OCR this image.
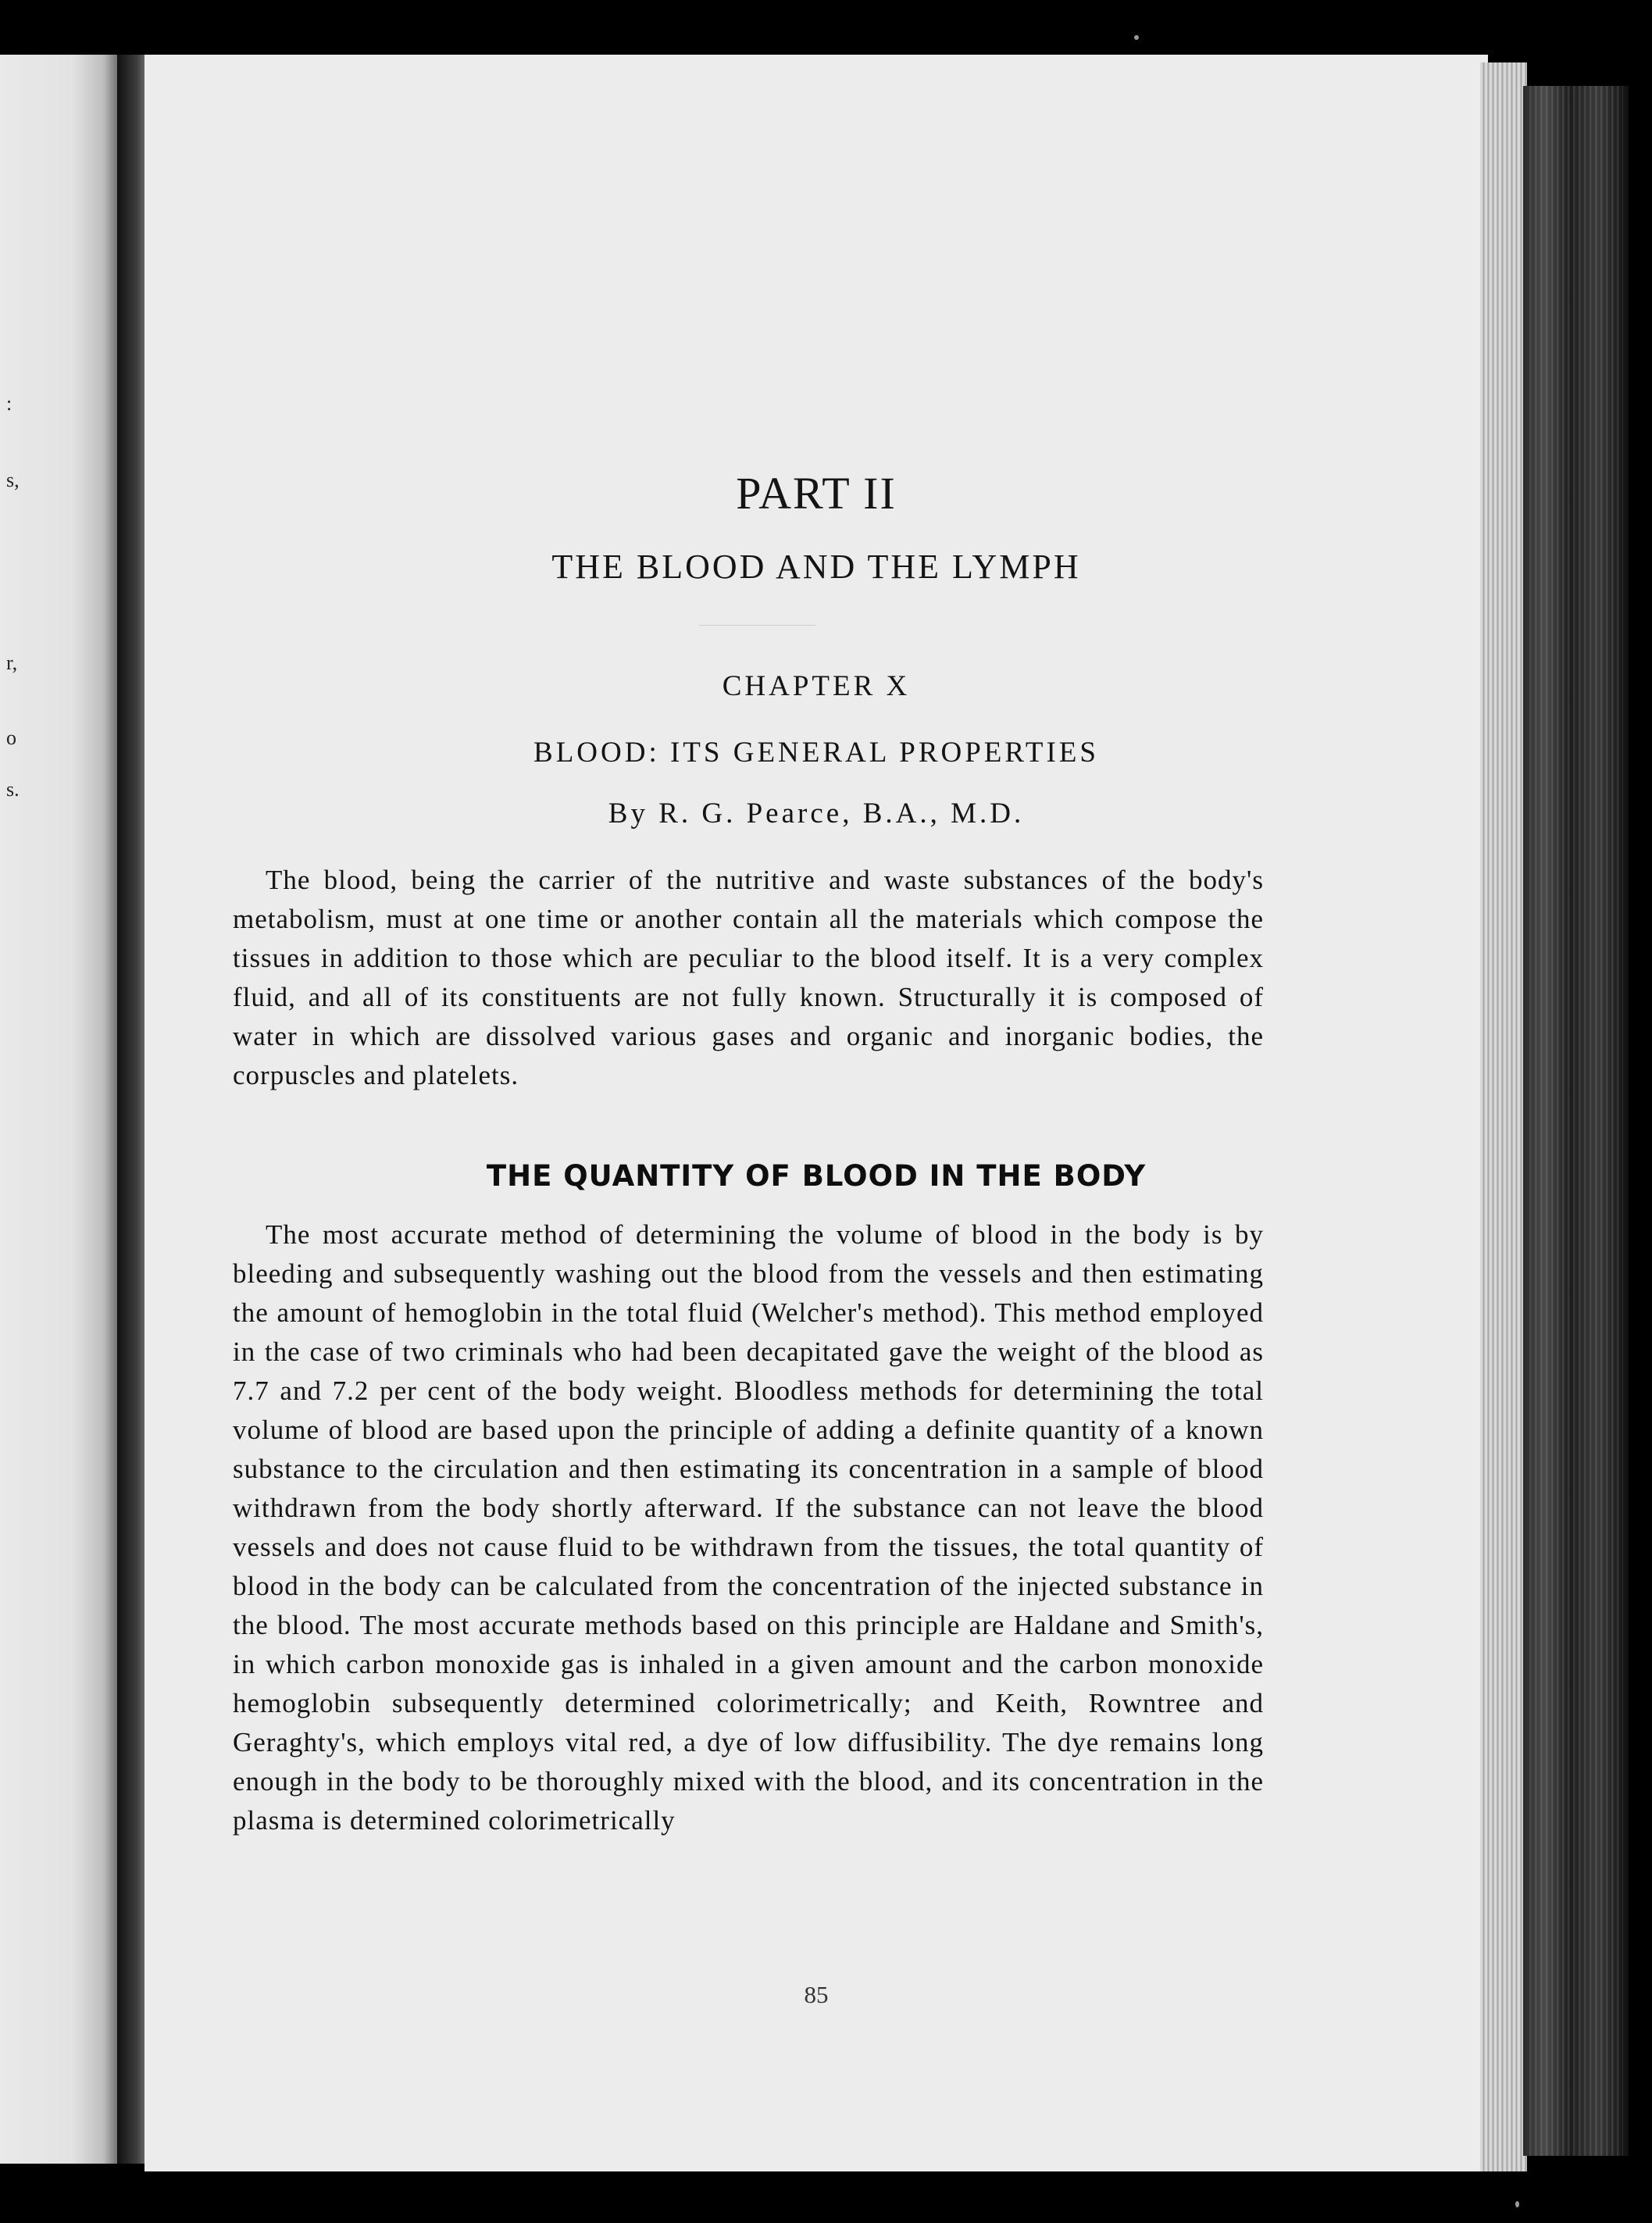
:
s,
r,
o
s.
PART II
THE BLOOD AND THE LYMPH
CHAPTER X
BLOOD: ITS GENERAL PROPERTIES
By R. G. Pearce, B.A., M.D.

The blood, being the carrier of the nutritive and waste substances of the body's metabolism, must at one time or another contain all the materials which compose the tissues in addition to those which are peculiar to the blood itself. It is a very complex fluid, and all of its constituents are not fully known. Structurally it is composed of water in which are dissolved various gases and organic and inorganic bodies, the corpuscles and platelets.

THE QUANTITY OF BLOOD IN THE BODY

The most accurate method of determining the volume of blood in the body is by bleeding and subsequently washing out the blood from the vessels and then estimating the amount of hemoglobin in the total fluid (Welcher's method). This method employed in the case of two criminals who had been decapitated gave the weight of the blood as 7.7 and 7.2 per cent of the body weight. Bloodless methods for determining the total volume of blood are based upon the principle of adding a definite quantity of a known substance to the circulation and then estimating its concentration in a sample of blood withdrawn from the body shortly afterward. If the substance can not leave the blood vessels and does not cause fluid to be withdrawn from the tissues, the total quantity of blood in the body can be calculated from the concentration of the injected substance in the blood. The most accurate methods based on this principle are Haldane and Smith's, in which carbon monoxide gas is inhaled in a given amount and the carbon monoxide hemoglobin subsequently determined colorimetrically; and Keith, Rowntree and Geraghty's, which employs vital red, a dye of low diffusibility. The dye remains long enough in the body to be thoroughly mixed with the blood, and its concentration in the plasma is determined colorimetrically

85
